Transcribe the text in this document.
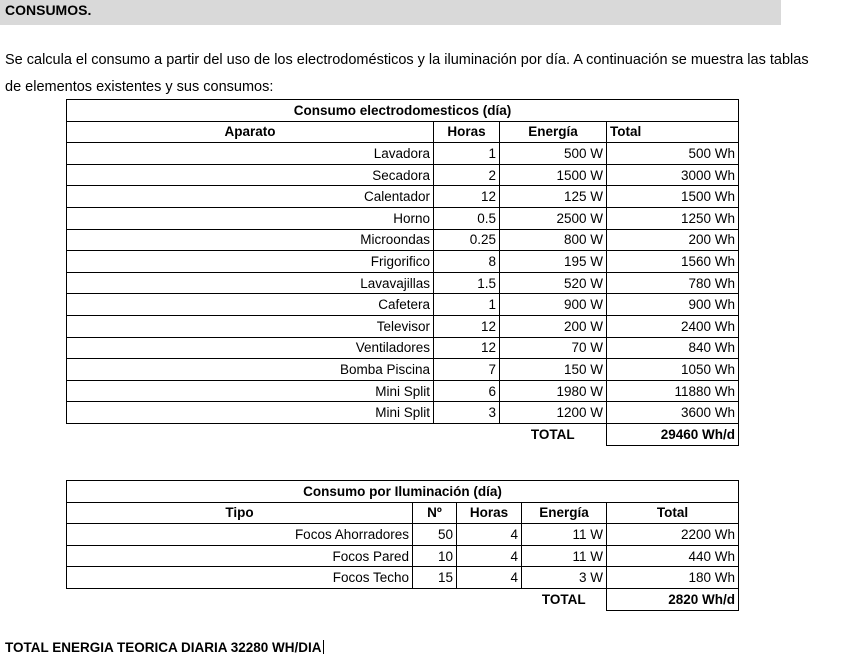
CONSUMOS.
Se calcula el consumo a partir del uso de los electrodomésticos y la iluminación por día. A continuación se muestra las tablas de elementos existentes y sus consumos:
Consumo electrodomesticos (día)			
Aparato	Horas	Energía	Total
Lavadora	1	500 W	500 Wh
Secadora	2	1500 W	3000 Wh
Calentador	12	125 W	1500 Wh
Horno	0.5	2500 W	1250 Wh
Microondas	0.25	800 W	200 Wh
Frigorifico	8	195 W	1560 Wh
Lavavajillas	1.5	520 W	780 Wh
Cafetera	1	900 W	900 Wh
Televisor	12	200 W	2400 Wh
Ventiladores	12	70 W	840 Wh
Bomba Piscina	7	150 W	1050 Wh
Mini Split	6	1980 W	11880 Wh
Mini Split	3	1200 W	3600 Wh
		TOTAL	29460 Wh/d
Consumo por Iluminación (día)				
Tipo	Nº	Horas	Energía	Total
Focos Ahorradores	50	4	11 W	2200 Wh
Focos Pared	10	4	11 W	440 Wh
Focos Techo	15	4	3 W	180 Wh
			TOTAL	2820 Wh/d
TOTAL ENERGIA TEORICA DIARIA 32280 WH/DIA
